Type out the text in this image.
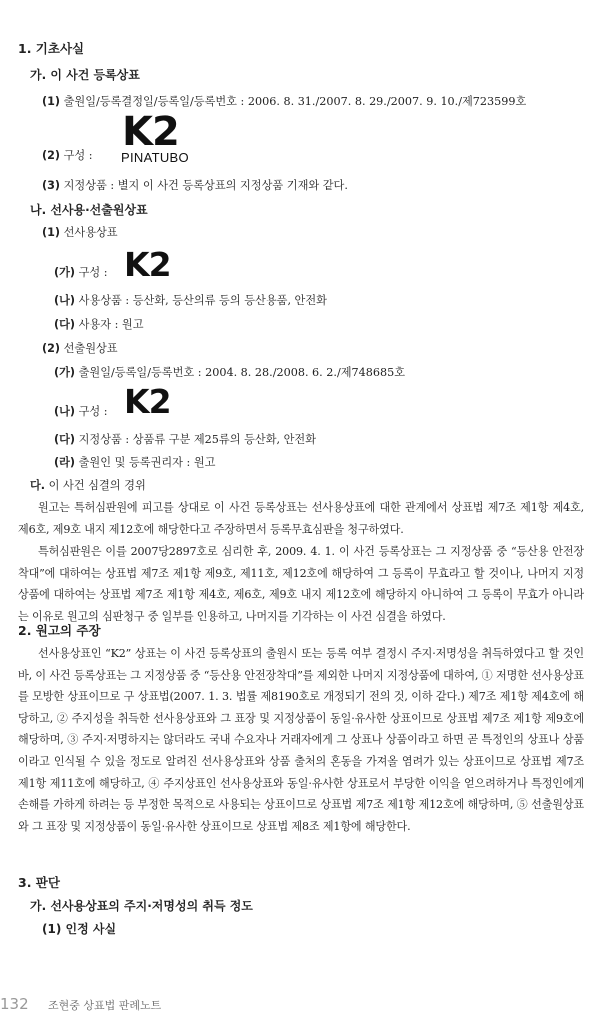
1. 기초사실
가. 이 사건 등록상표
(1) 출원일/등록결정일/등록일/등록번호 : 2006. 8. 31./2007. 8. 29./2007. 9. 10./제723599호
(2) 구성 :
K2
PINATUBO
(3) 지정상품 : 별지 이 사건 등록상표의 지정상품 기재와 같다.
나. 선사용·선출원상표
(1) 선사용상표
(가) 구성 : K2
(나) 사용상품 : 등산화, 등산의류 등의 등산용품, 안전화
(다) 사용자 : 원고
(2) 선출원상표
(가) 출원일/등록일/등록번호 : 2004. 8. 28./2008. 6. 2./제748685호
(나) 구성 : K2
(다) 지정상품 : 상품류 구분 제25류의 등산화, 안전화
(라) 출원인 및 등록권리자 : 원고
다. 이 사건 심결의 경위
원고는 특허심판원에 피고를 상대로 이 사건 등록상표는 선사용상표에 대한 관계에서 상표법 제7조 제1항 제4호, 제6호, 제9호 내지 제12호에 해당한다고 주장하면서 등록무효심판을 청구하였다.
특허심판원은 이를 2007당2897호로 심리한 후, 2009. 4. 1. 이 사건 등록상표는 그 지정상품 중 “등산용 안전장착대”에 대하여는 상표법 제7조 제1항 제9호, 제11호, 제12호에 해당하여 그 등록이 무효라고 할 것이나, 나머지 지정상품에 대하여는 상표법 제7조 제1항 제4호, 제6호, 제9호 내지 제12호에 해당하지 아니하여 그 등록이 무효가 아니라는 이유로 원고의 심판청구 중 일부를 인용하고, 나머지를 기각하는 이 사건 심결을 하였다.
2. 원고의 주장
선사용상표인 “K2” 상표는 이 사건 등록상표의 출원시 또는 등록 여부 결정시 주지·저명성을 취득하였다고 할 것인바, 이 사건 등록상표는 그 지정상품 중 “등산용 안전장착대”를 제외한 나머지 지정상품에 대하여, ① 저명한 선사용상표를 모방한 상표이므로 구 상표법(2007. 1. 3. 법률 제8190호로 개정되기 전의 것, 이하 같다.) 제7조 제1항 제4호에 해당하고, ② 주지성을 취득한 선사용상표와 그 표장 및 지정상품이 동일·유사한 상표이므로 상표법 제7조 제1항 제9호에 해당하며, ③ 주지·저명하지는 않더라도 국내 수요자나 거래자에게 그 상표나 상품이라고 하면 곧 특정인의 상표나 상품이라고 인식될 수 있을 정도로 알려진 선사용상표와 상품 출처의 혼동을 가져올 염려가 있는 상표이므로 상표법 제7조 제1항 제11호에 해당하고, ④ 주지상표인 선사용상표와 동일·유사한 상표로서 부당한 이익을 얻으려하거나 특정인에게 손해를 가하게 하려는 등 부정한 목적으로 사용되는 상표이므로 상표법 제7조 제1항 제12호에 해당하며, ⑤ 선출원상표와 그 표장 및 지정상품이 동일·유사한 상표이므로 상표법 제8조 제1항에 해당한다.
3. 판단
가. 선사용상표의 주지·저명성의 취득 정도
(1) 인정 사실
132 조현중 상표법 판례노트
